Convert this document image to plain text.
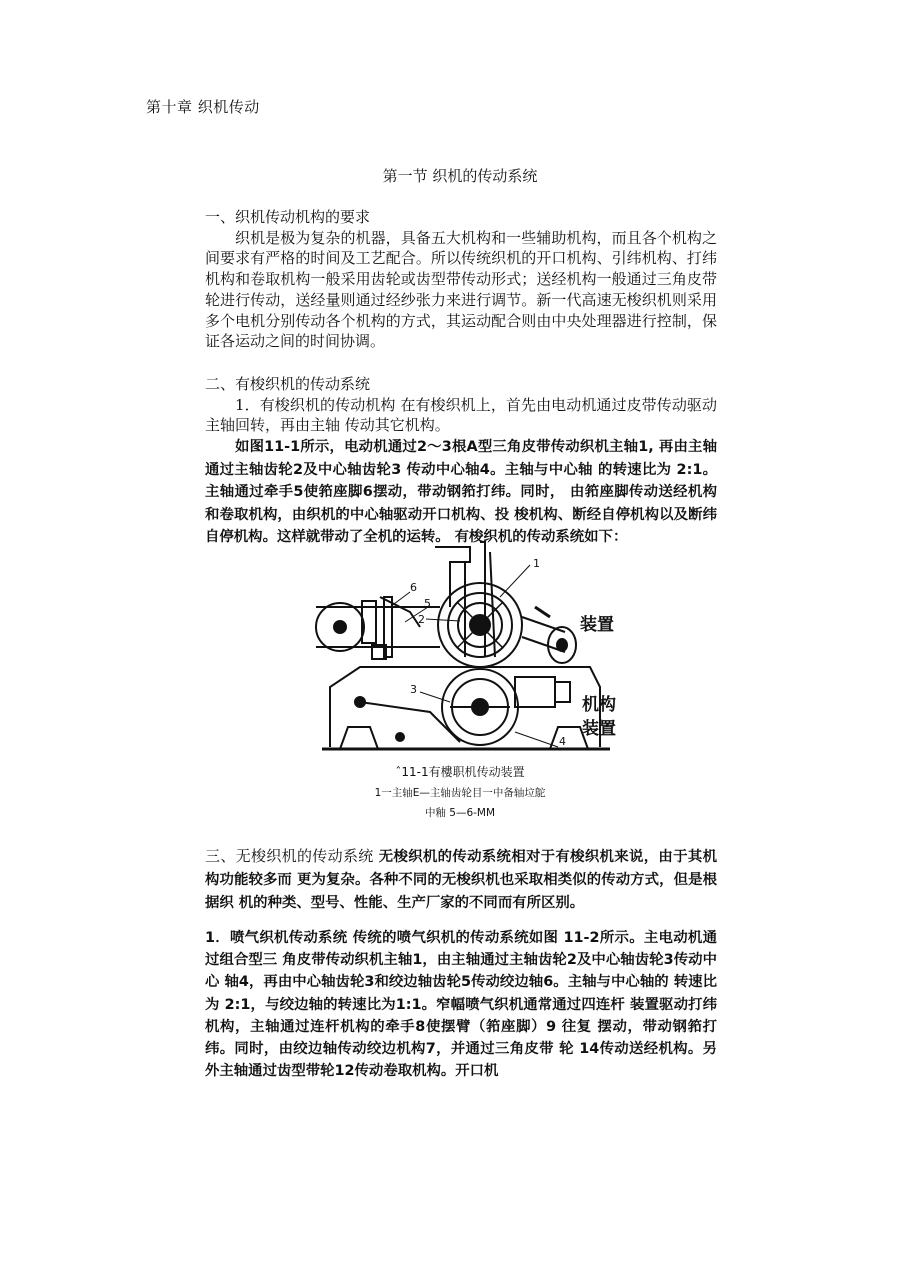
第十章 织机传动
第一节 织机的传动系统

一、织机传动机构的要求

织机是极为复杂的机器，具备五大机构和一些辅助机构，而且各个机构之间要求有严格的时间及工艺配合。所以传统织机的开口机构、引纬机构、打纬机构和卷取机构一般采用齿轮或齿型带传动形式；送经机构一般通过三角皮带轮进行传动，送经量则通过经纱张力来进行调节。新一代高速无梭织机则采用多个电机分别传动各个机构的方式，其运动配合则由中央处理器进行控制，保证各运动之间的时间协调。

二、有梭织机的传动系统

1．有梭织机的传动机构 在有梭织机上，首先由电动机通过皮带传动驱动主轴回转，再由主轴 传动其它机构。

如图11-1所示，电动机通过2～3根A型三角皮带传动织机主轴1, 再由主轴通过主轴齿轮2及中心轴齿轮3 传动中心轴4。主轴与中心轴 的转速比为 2:1。主轴通过牵手5使筘座脚6摆动，带动钢筘打纬。同时， 由筘座脚传动送经机构和卷取机构，由织机的中心轴驱动开口机构、投 梭机构、断经自停机构以及断纬自停机构。这样就带动了全机的运转。 有梭织机的传动系统如下：

1
2
3
4
5
6
装置
机构
装置
ˆ11-1有樓职机传动装置
1一主轴E—主轴齿轮目一中备轴垃鴕
中釉 5—6-MM
三、无梭织机的传动系统 无梭织机的传动系统相对于有梭织机来说，由于其机构功能较多而 更为复杂。各种不同的无梭织机也采取相类似的传动方式，但是根据织 机的种类、型号、性能、生产厂家的不同而有所区别。

1．喷气织机传动系统 传统的喷气织机的传动系统如图 11-2所示。主电动机通过组合型三 角皮带传动织机主轴1，由主轴通过主轴齿轮2及中心轴齿轮3传动中心 轴4，再由中心轴齿轮3和绞边轴齿轮5传动绞边轴6。主轴与中心轴的 转速比为 2:1，与绞边轴的转速比为1:1。窄幅喷气织机通常通过四连杆 装置驱动打纬机构，主轴通过连杆机构的牵手8使摆臂（筘座脚）9 往复 摆动，带动钢筘打纬。同时，由绞边轴传动绞边机构7，并通过三角皮带 轮 14传动送经机构。另外主轴通过齿型带轮12传动卷取机构。开口机
